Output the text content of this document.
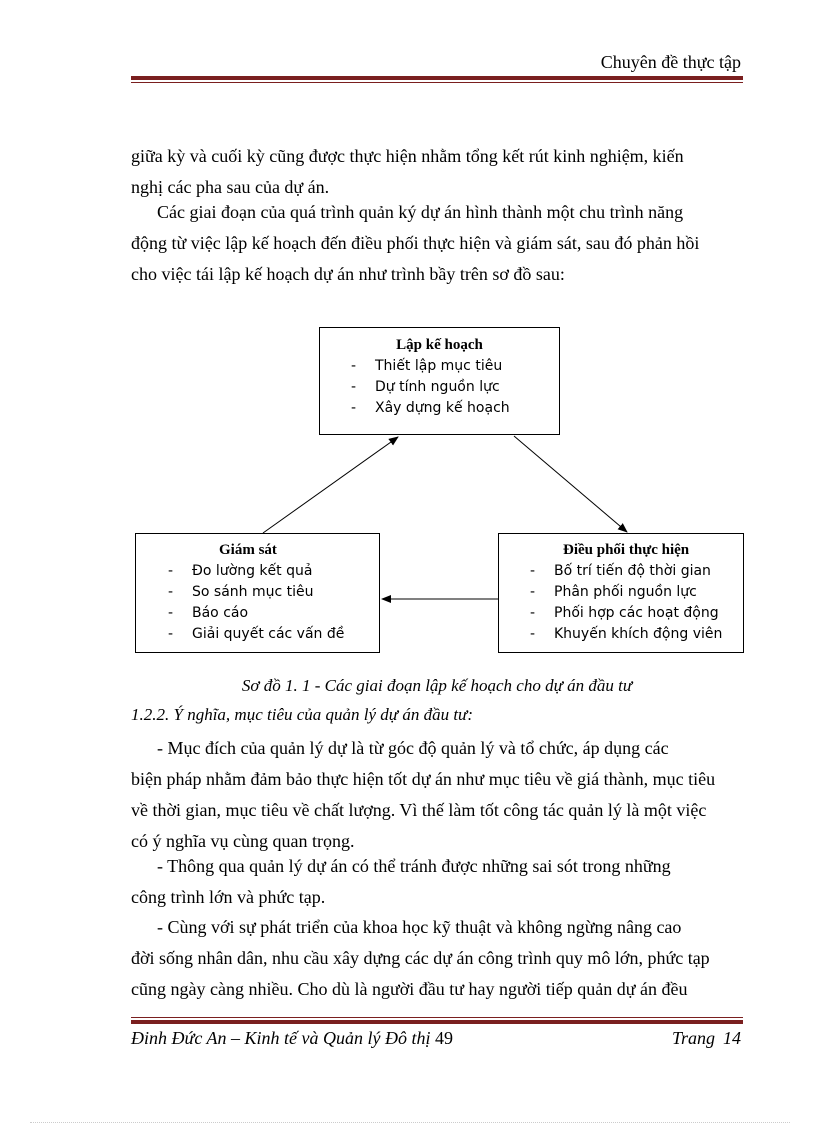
Chuyên đề thực tập
giữa kỳ và cuối kỳ cũng được thực hiện nhằm tổng kết rút kinh nghiệm, kiến
nghị các pha sau của dự án.
Các giai đoạn của quá trình quản ký dự án hình thành một chu trình năng
động từ việc lập kế hoạch đến điều phối thực hiện và giám sát, sau đó phản hồi
cho việc tái lập kế hoạch dự án như trình bầy trên sơ đồ sau:
Lập kế hoạch
- Thiết lập mục tiêu
- Dự tính nguồn lực
- Xây dựng kế hoạch
Giám sát
- Đo lường kết quả
- So sánh mục tiêu
- Báo cáo
- Giải quyết các vấn đề
Điều phối thực hiện
- Bố trí tiến độ thời gian
- Phân phối nguồn lực
- Phối hợp các hoạt động
- Khuyến khích động viên
Sơ đồ 1. 1 - Các giai đoạn lập kế hoạch cho dự án đầu tư
1.2.2. Ý nghĩa, mục tiêu của quản lý dự án đầu tư:
- Mục đích của quản lý dự là từ góc độ quản lý và tổ chức, áp dụng các
biện pháp nhằm đảm bảo thực hiện tốt dự án như mục tiêu về giá thành, mục tiêu
về thời gian, mục tiêu về chất lượng. Vì thế làm tốt công tác quản lý là một việc
có ý nghĩa vụ cùng quan trọng.
- Thông qua quản lý dự án có thể tránh được những sai sót trong những
công trình lớn và phức tạp.
- Cùng với sự phát triển của khoa học kỹ thuật và không ngừng nâng cao
đời sống nhân dân, nhu cầu xây dựng các dự án công trình quy mô lớn, phức tạp
cũng ngày càng nhiều. Cho dù là người đầu tư hay người tiếp quản dự án đều
Đinh Đức An – Kinh tế và Quản lý Đô thị 49	Trang 14
